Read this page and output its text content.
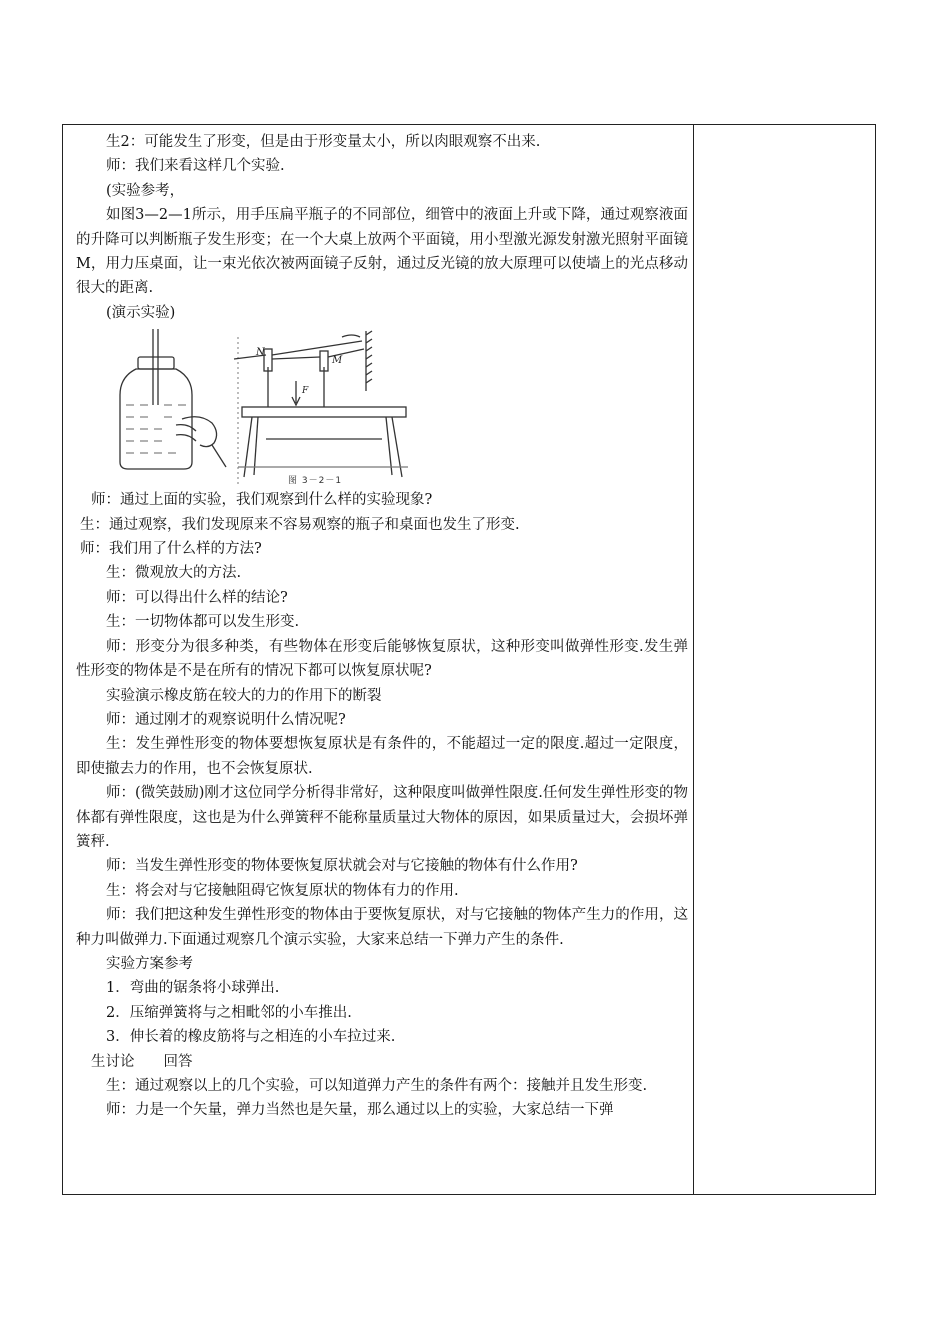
生2：可能发生了形变，但是由于形变量太小，所以肉眼观察不出来.

师：我们来看这样几个实验.

(实验参考，

如图3—2—1所示，用手压扁平瓶子的不同部位，细管中的液面上升或下降，通过观察液面的升降可以判断瓶子发生形变；在一个大桌上放两个平面镜，用小型激光源发射激光照射平面镜M，用力压桌面，让一束光依次被两面镜子反射，通过反光镜的放大原理可以使墙上的光点移动很大的距离.

(演示实验)

N
M
F
图 3－2－1

师：通过上面的实验，我们观察到什么样的实验现象?

生：通过观察，我们发现原来不容易观察的瓶子和桌面也发生了形变.

师：我们用了什么样的方法?

生：微观放大的方法.

师：可以得出什么样的结论?

生：一切物体都可以发生形变.

师：形变分为很多种类，有些物体在形变后能够恢复原状，这种形变叫做弹性形变.发生弹性形变的物体是不是在所有的情况下都可以恢复原状呢?

实验演示橡皮筋在较大的力的作用下的断裂

师：通过刚才的观察说明什么情况呢?

生：发生弹性形变的物体要想恢复原状是有条件的，不能超过一定的限度.超过一定限度，即使撤去力的作用，也不会恢复原状.

师：(微笑鼓励)刚才这位同学分析得非常好，这种限度叫做弹性限度.任何发生弹性形变的物体都有弹性限度，这也是为什么弹簧秤不能称量质量过大物体的原因，如果质量过大，会损坏弹簧秤.

师：当发生弹性形变的物体要恢复原状就会对与它接触的物体有什么作用?

生：将会对与它接触阻碍它恢复原状的物体有力的作用.

师：我们把这种发生弹性形变的物体由于要恢复原状，对与它接触的物体产生力的作用，这种力叫做弹力.下面通过观察几个演示实验，大家来总结一下弹力产生的条件.

实验方案参考

1．弯曲的锯条将小球弹出.

2．压缩弹簧将与之相毗邻的小车推出.

3．伸长着的橡皮筋将与之相连的小车拉过来.

生讨论　　回答

生：通过观察以上的几个实验，可以知道弹力产生的条件有两个：接触并且发生形变.

师：力是一个矢量，弹力当然也是矢量，那么通过以上的实验，大家总结一下弹
